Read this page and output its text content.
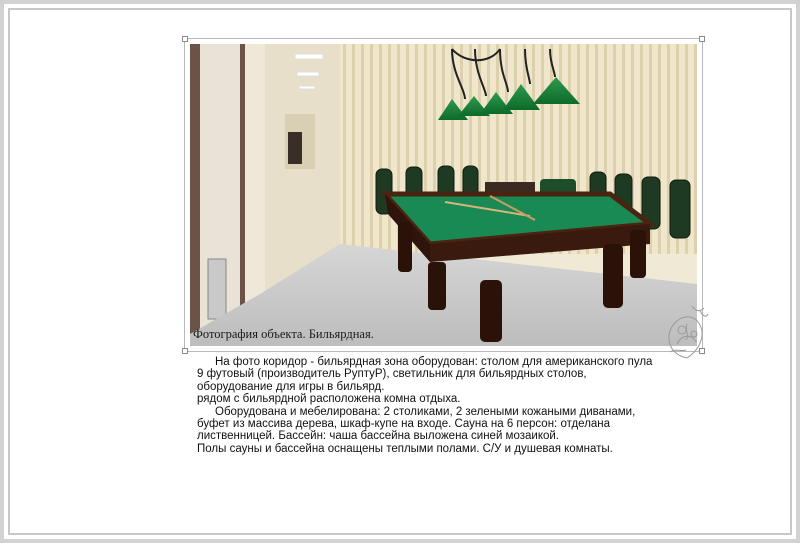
Фотография объекта. Бильярдная.

На фото коридор - бильярдная зона оборудован: столом для американского пула

9 футовый (производитель РуптуР), светильник для бильярдных столов,

оборудование для игры в бильярд.

рядом с бильярдной расположена комна отдыха.

Оборудована и мебелирована: 2 столиками, 2 зелеными кожаными диванами,

буфет из массива дерева, шкаф-купе на входе. Сауна на 6 персон: отделана

лиственницей. Бассейн: чаша бассейна выложена синей мозаикой.

Полы сауны и бассейна оснащены теплыми полами. С/У и душевая комнаты.
